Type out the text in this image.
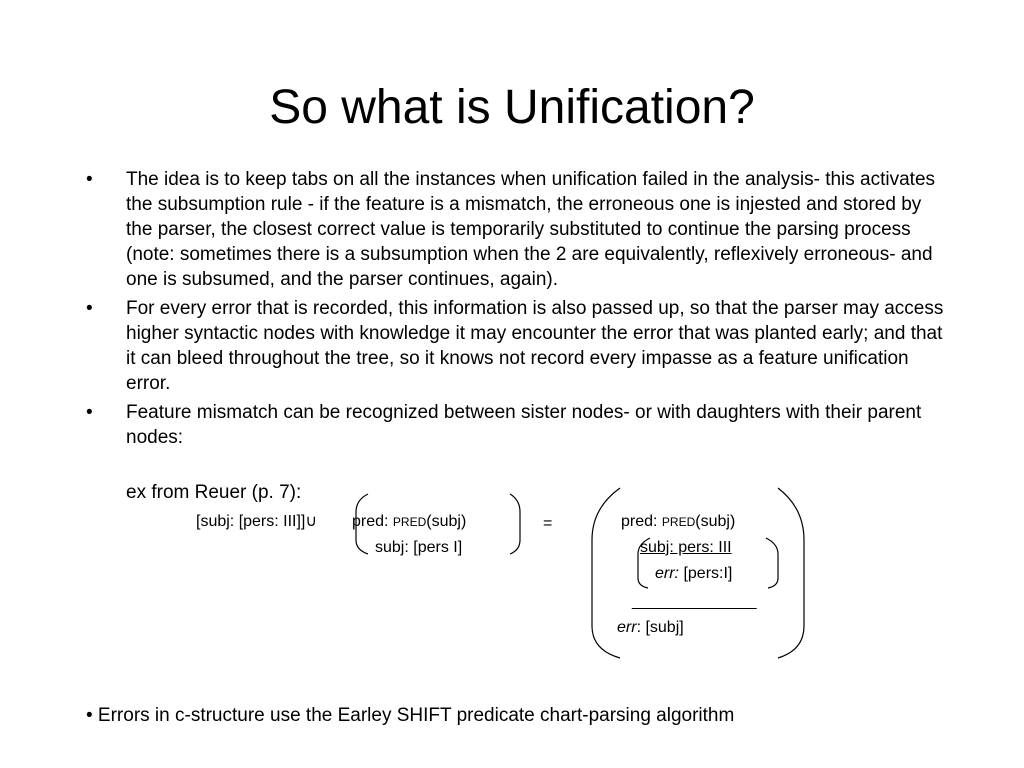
So what is Unification?
•	The idea is to keep tabs on all the instances when unification failed in the analysis- this activates the subsumption rule - if the feature is a mismatch, the erroneous one is injested and stored by the parser, the closest correct value is temporarily substituted to continue the parsing process (note: sometimes there is a subsumption when the 2 are equivalently, reflexively erroneous- and one is subsumed, and the parser continues, again).
•	For every error that is recorded, this information is also passed up, so that the parser may access higher syntactic nodes with knowledge it may encounter the error that was planted early; and that it can bleed throughout the tree, so it knows not record every impasse as a feature unification error.
•	Feature mismatch can be recognized between sister nodes- or with daughters with their parent nodes:
ex from Reuer (p. 7):
[subj: [pers: III]]∪ pred: PRED(subj)
subj: [pers I]
=	pred: PRED(subj)
subj: pers: III
err: [pers:I]
______________
err: [subj]
• Errors in c-structure use the Earley SHIFT predicate chart-parsing algorithm
